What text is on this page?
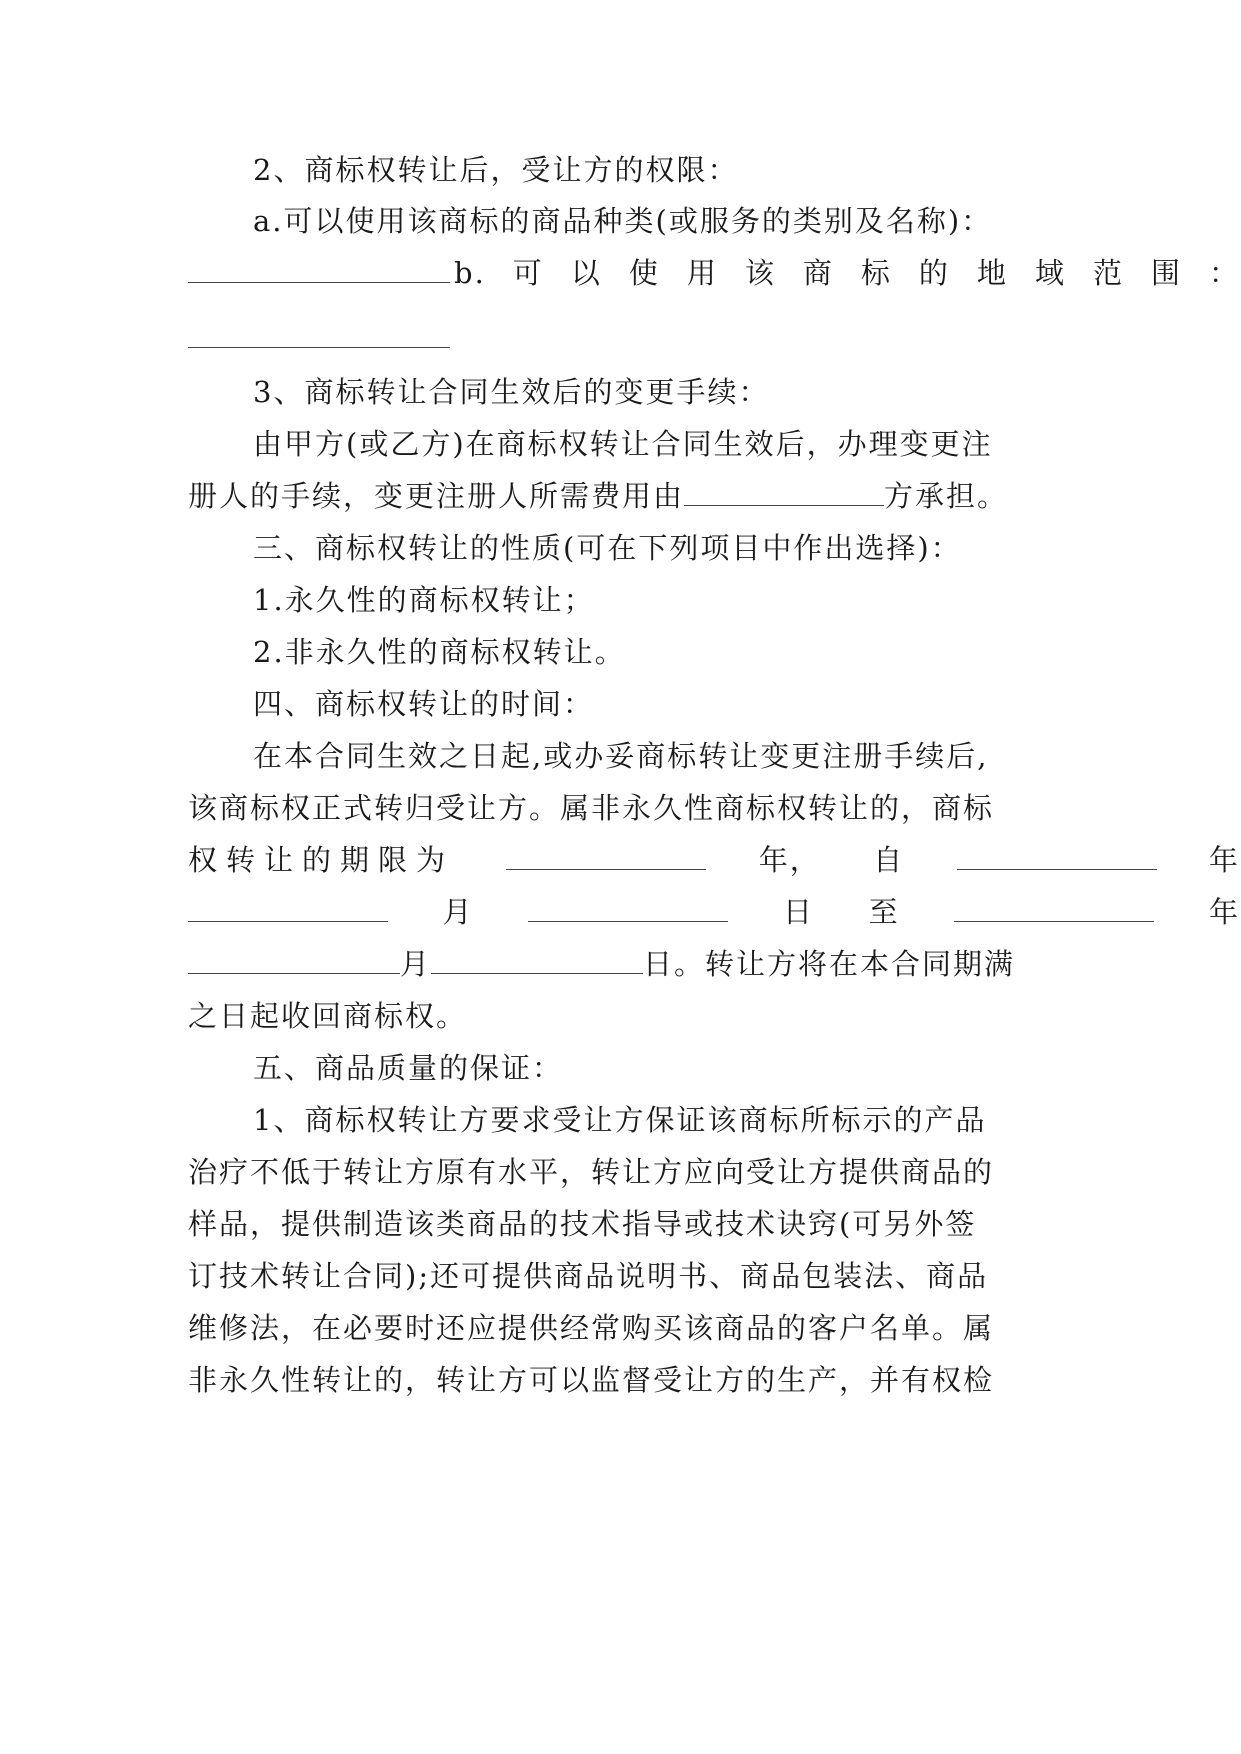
2、商标权转让后，受让方的权限：
a.可以使用该商标的商品种类(或服务的类别及名称)：
b. 可 以 使 用 该 商 标 的 地 域 范 围 ：
3、商标转让合同生效后的变更手续：
由甲方(或乙方)在商标权转让合同生效后，办理变更注
册人的手续，变更注册人所需费用由	方承担。
三、商标权转让的性质(可在下列项目中作出选择)：
1.永久性的商标权转让；
2.非永久性的商标权转让。
四、商标权转让的时间：
在本合同生效之日起,或办妥商标转让变更注册手续后,
该商标权正式转归受让方。属非永久性商标权转让的，商标
权转让的期限为	年， 自	年
月	日 至	年
月	日。转让方将在本合同期满
之日起收回商标权。
五、商品质量的保证：
1、商标权转让方要求受让方保证该商标所标示的产品
治疗不低于转让方原有水平，转让方应向受让方提供商品的
样品，提供制造该类商品的技术指导或技术诀窍(可另外签
订技术转让合同);还可提供商品说明书、商品包装法、商品
维修法，在必要时还应提供经常购买该商品的客户名单。属
非永久性转让的，转让方可以监督受让方的生产，并有权检
